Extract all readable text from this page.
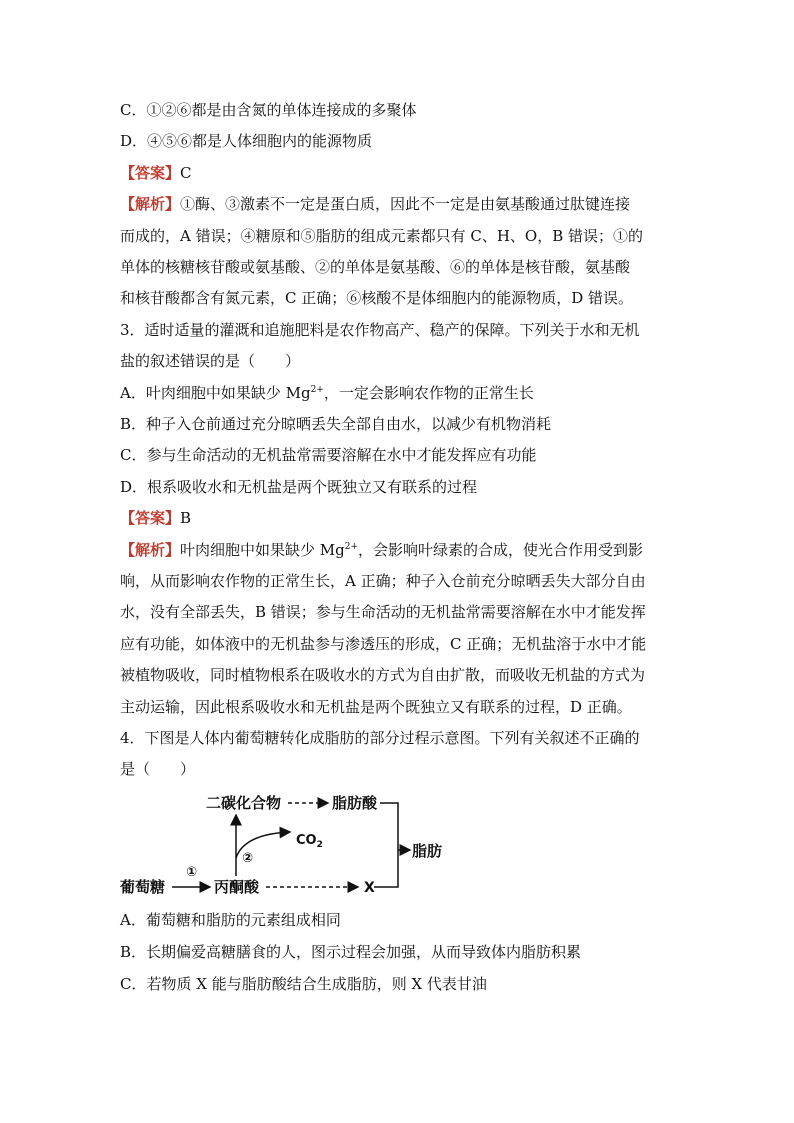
C．①②⑥都是由含氮的单体连接成的多聚体
D．④⑤⑥都是人体细胞内的能源物质
【答案】C
【解析】①酶、③激素不一定是蛋白质，因此不一定是由氨基酸通过肽键连接
而成的，A 错误；④糖原和⑤脂肪的组成元素都只有 C、H、O，B 错误；①的
单体的核糖核苷酸或氨基酸、②的单体是氨基酸、⑥的单体是核苷酸，氨基酸
和核苷酸都含有氮元素，C 正确；⑥核酸不是体细胞内的能源物质，D 错误。
3．适时适量的灌溉和追施肥料是农作物高产、稳产的保障。下列关于水和无机
盐的叙述错误的是（　　）
A．叶肉细胞中如果缺少 $Mg^{2+}$，一定会影响农作物的正常生长
B．种子入仓前通过充分晾晒丢失全部自由水，以减少有机物消耗
C．参与生命活动的无机盐常需要溶解在水中才能发挥应有功能
D．根系吸收水和无机盐是两个既独立又有联系的过程
【答案】B
【解析】叶肉细胞中如果缺少 $Mg^{2+}$，会影响叶绿素的合成，使光合作用受到影
响，从而影响农作物的正常生长，A 正确；种子入仓前充分晾晒丢失大部分自由
水，没有全部丢失，B 错误；参与生命活动的无机盐常需要溶解在水中才能发挥
应有功能，如体液中的无机盐参与渗透压的形成，C 正确；无机盐溶于水中才能
被植物吸收，同时植物根系在吸收水的方式为自由扩散，而吸收无机盐的方式为
主动运输，因此根系吸收水和无机盐是两个既独立又有联系的过程，D 正确。
4．下图是人体内葡萄糖转化成脂肪的部分过程示意图。下列有关叙述不正确的
是（　　）
A．葡萄糖和脂肪的元素组成相同
B．长期偏爱高糖膳食的人，图示过程会加强，从而导致体内脂肪积累
C．若物质 X 能与脂肪酸结合生成脂肪，则 X 代表甘油
二碳化合物	脂肪酸
脂肪
葡萄糖	丙酮酸	X
$CO_2$
①
②
